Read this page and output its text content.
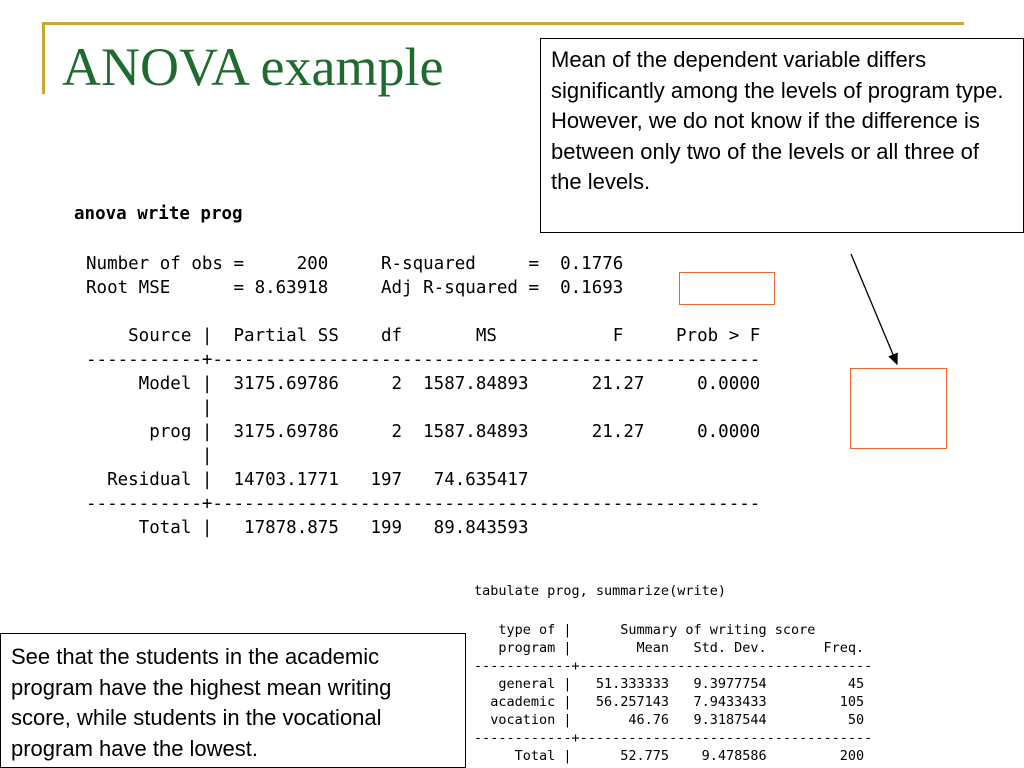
ANOVA example	Mean of the dependent variable differs significantly among the levels of program type. However, we do not know if the difference is between only two of the levels or all three of the levels.
anova write prog
Number of obs =     200     R-squared     =  0.1776
Root MSE      = 8.63918     Adj R-squared =  0.1693

Source |  Partial SS    df       MS           F     Prob > F
-----------+----------------------------------------------------
Model |  3175.69786     2  1587.84893      21.27     0.0000
|
prog |  3175.69786     2  1587.84893      21.27     0.0000
|
Residual |  14703.1771   197   74.635417
-----------+----------------------------------------------------
Total |   17878.875   199   89.843593
tabulate prog, summarize(write)
type of |      Summary of writing score
program |        Mean   Std. Dev.       Freq.
------------+------------------------------------
general |   51.333333   9.3977754          45
academic |   56.257143   7.9433433         105
vocation |       46.76   9.3187544          50
------------+------------------------------------
Total |      52.775    9.478586         200
See that the students in the academic program have the highest mean writing score, while students in the vocational program have the lowest.
